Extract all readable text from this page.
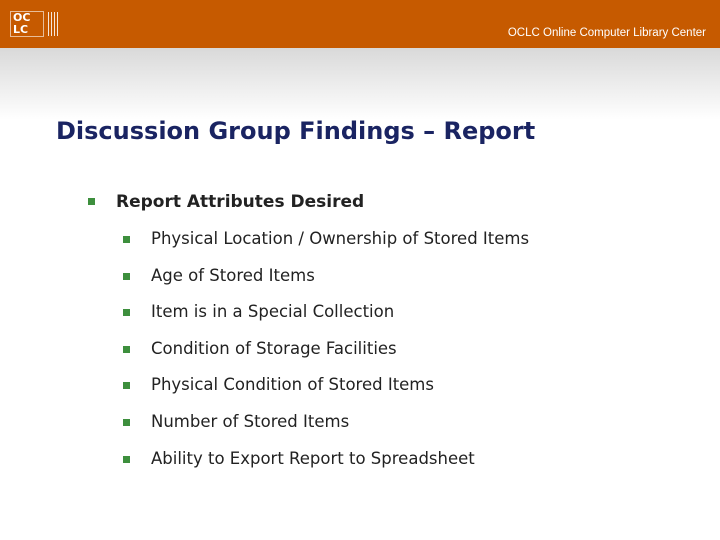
OC
LC	OCLC Online Computer Library Center
Discussion Group Findings – Report
Report Attributes Desired
Physical Location / Ownership of Stored Items
Age of Stored Items
Item is in a Special Collection
Condition of Storage Facilities
Physical Condition of Stored Items
Number of Stored Items
Ability to Export Report to Spreadsheet
